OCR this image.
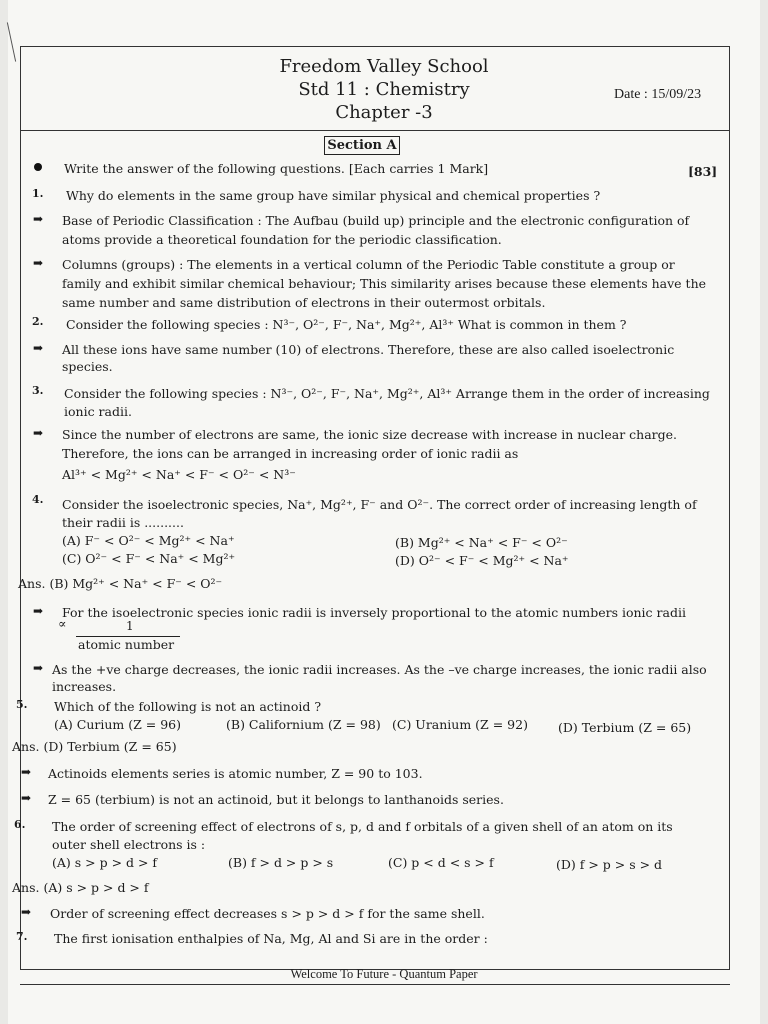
Freedom Valley School
Std 11 : Chemistry
Chapter -3
Date : 15/09/23
Section A
Write the answer of the following questions. [Each carries 1 Mark]	[83]
1. Why do elements in the same group have similar physical and chemical properties ?
➡ Base of Periodic Classification : The Aufbau (build up) principle and the electronic configuration of
atoms provide a theoretical foundation for the periodic classification.
➡ Columns (groups) : The elements in a vertical column of the Periodic Table constitute a group or
family and exhibit similar chemical behaviour; This similarity arises because these elements have the
same number and same distribution of electrons in their outermost orbitals.
2. Consider the following species : N³⁻, O²⁻, F⁻, Na⁺, Mg²⁺, Al³⁺ What is common in them ?
➡ All these ions have same number (10) of electrons. Therefore, these are also called isoelectronic
species.
3. Consider the following species : N³⁻, O²⁻, F⁻, Na⁺, Mg²⁺, Al³⁺ Arrange them in the order of increasing
ionic radii.
➡ Since the number of electrons are same, the ionic size decrease with increase in nuclear charge.
Therefore, the ions can be arranged in increasing order of ionic radii as
Al³⁺ < Mg²⁺ < Na⁺ < F⁻ < O²⁻ < N³⁻
4. Consider the isoelectronic species, Na⁺, Mg²⁺, F⁻ and O²⁻. The correct order of increasing length of
their radii is ..........
(A) F⁻ < O²⁻ < Mg²⁺ < Na⁺	(B) Mg²⁺ < Na⁺ < F⁻ < O²⁻
(C) O²⁻ < F⁻ < Na⁺ < Mg²⁺	(D) O²⁻ < F⁻ < Mg²⁺ < Na⁺
Ans. (B) Mg²⁺ < Na⁺ < F⁻ < O²⁻
➡ For the isoelectronic species ionic radii is inversely proportional to the atomic numbers ionic radii
∝	1
atomic number
➡ As the +ve charge decreases, the ionic radii increases. As the –ve charge increases, the ionic radii also
increases.
5. Which of the following is not an actinoid ?
(A) Curium (Z = 96)	(B) Californium (Z = 98) (C) Uranium (Z = 92) (D) Terbium (Z = 65)
Ans. (D) Terbium (Z = 65)
➡ Actinoids elements series is atomic number, Z = 90 to 103.
➡ Z = 65 (terbium) is not an actinoid, but it belongs to lanthanoids series.
6. The order of screening effect of electrons of s, p, d and f orbitals of a given shell of an atom on its
outer shell electrons is :
(A) s > p > d > f	(B) f > d > p > s	(C) p < d < s > f	(D) f > p > s > d
Ans. (A) s > p > d > f
➡ Order of screening effect decreases s > p > d > f for the same shell.
7. The first ionisation enthalpies of Na, Mg, Al and Si are in the order :
Welcome To Future - Quantum Paper
